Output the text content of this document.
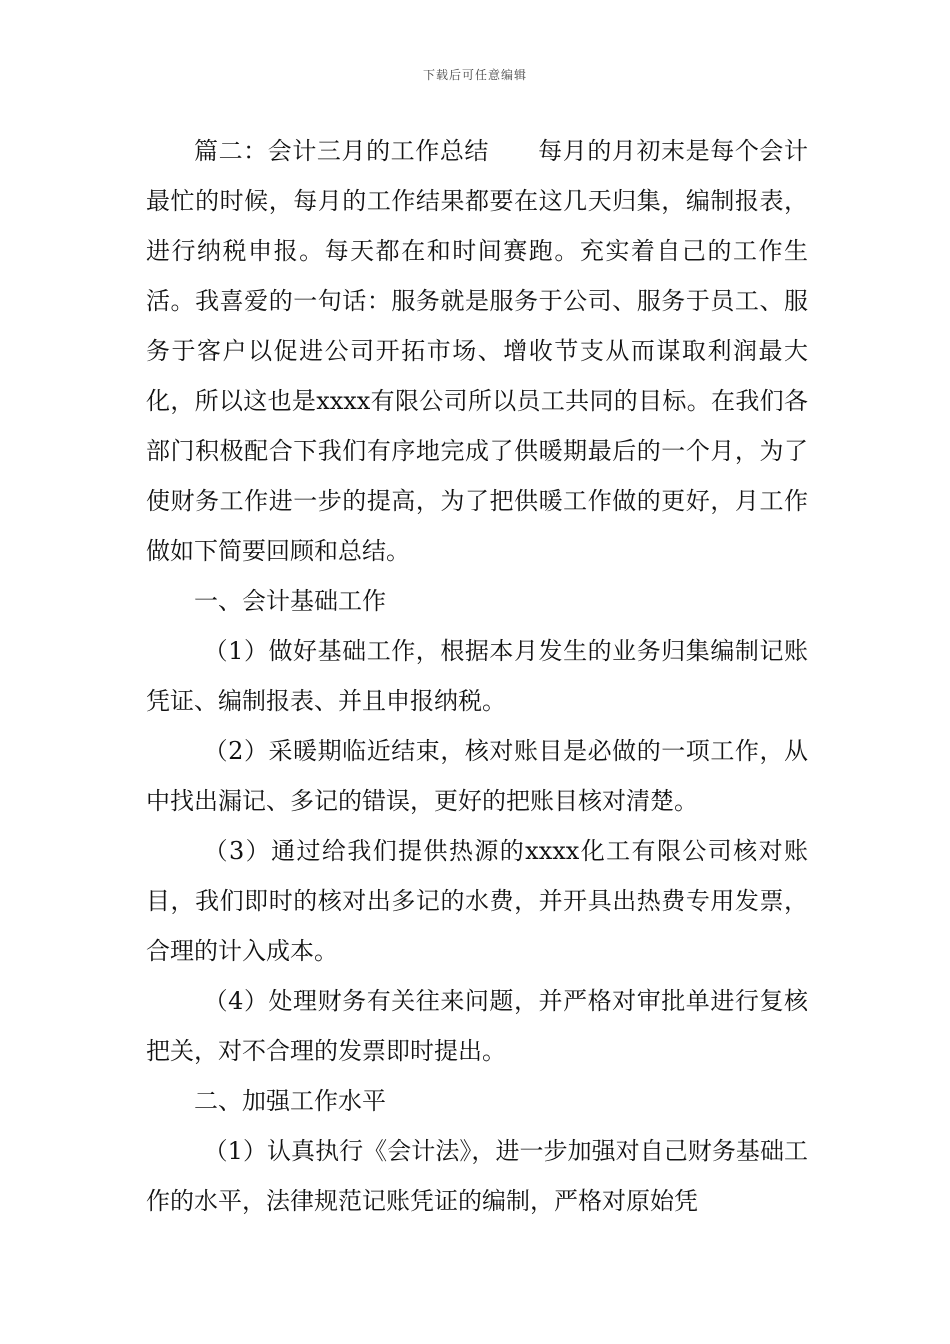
下载后可任意编辑

篇二：会计三月的工作总结　　每月的月初末是每个会计最忙的时候，每月的工作结果都要在这几天归集，编制报表，进行纳税申报。每天都在和时间赛跑。充实着自己的工作生活。我喜爱的一句话：服务就是服务于公司、服务于员工、服务于客户以促进公司开拓市场、增收节支从而谋取利润最大化，所以这也是xxxx有限公司所以员工共同的目标。在我们各部门积极配合下我们有序地完成了供暖期最后的一个月，为了使财务工作进一步的提高，为了把供暖工作做的更好，月工作做如下简要回顾和总结。

一、会计基础工作

（1）做好基础工作，根据本月发生的业务归集编制记账凭证、编制报表、并且申报纳税。

（2）采暖期临近结束，核对账目是必做的一项工作，从中找出漏记、多记的错误，更好的把账目核对清楚。

（3）通过给我们提供热源的xxxx化工有限公司核对账目，我们即时的核对出多记的水费，并开具出热费专用发票，合理的计入成本。

（4）处理财务有关往来问题，并严格对审批单进行复核把关，对不合理的发票即时提出。

二、加强工作水平

（1）认真执行《会计法》，进一步加强对自己财务基础工作的水平，法律规范记账凭证的编制，严格对原始凭
